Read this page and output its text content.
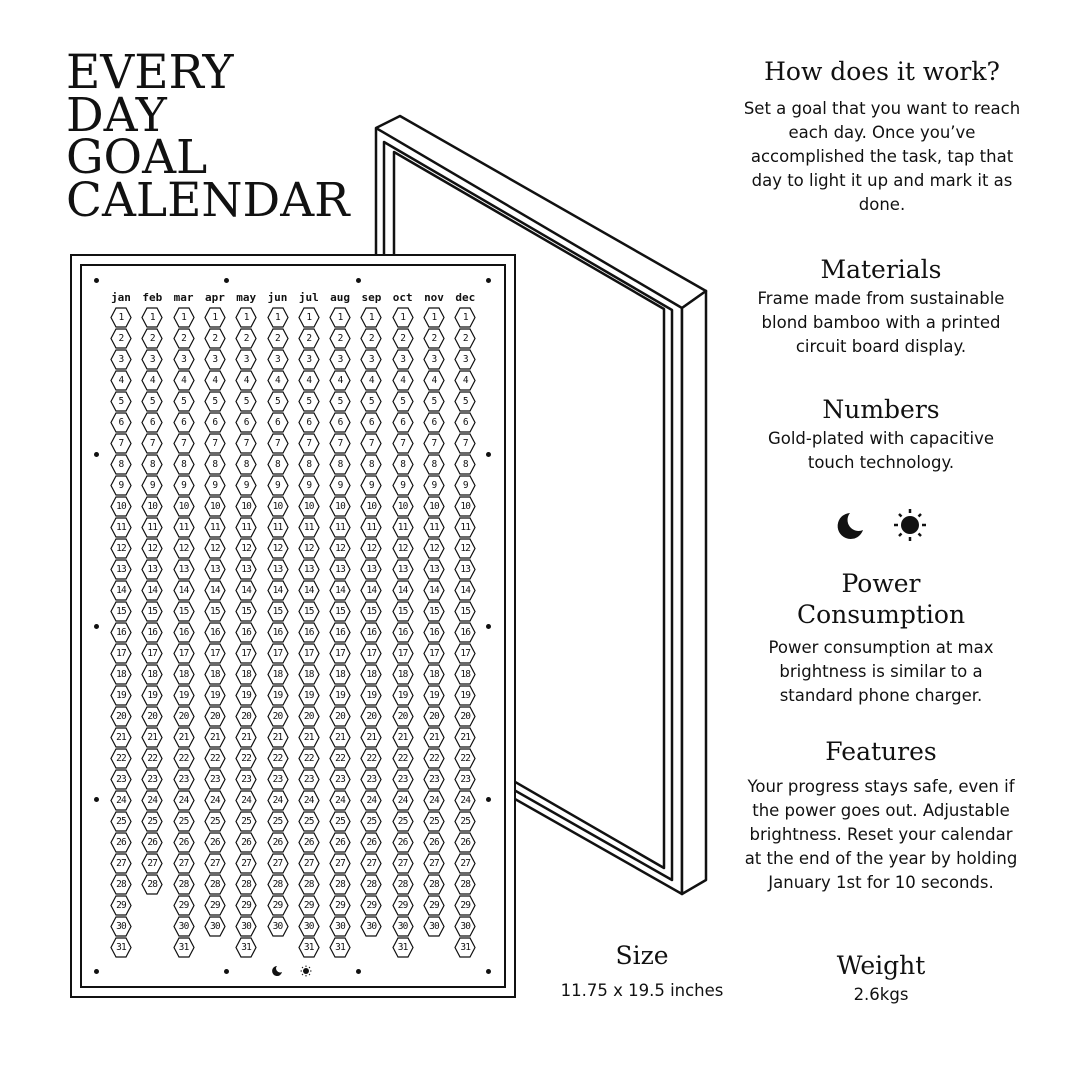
EVERY
DAY
GOAL
CALENDAR
jan
1
2
3
4
5
6
7
8
9
10
11
12
13
14
15
16
17
18
19
20
21
22
23
24
25
26
27
28
29
30
31
feb
1
2
3
4
5
6
7
8
9
10
11
12
13
14
15
16
17
18
19
20
21
22
23
24
25
26
27
28
mar
1
2
3
4
5
6
7
8
9
10
11
12
13
14
15
16
17
18
19
20
21
22
23
24
25
26
27
28
29
30
31
apr
1
2
3
4
5
6
7
8
9
10
11
12
13
14
15
16
17
18
19
20
21
22
23
24
25
26
27
28
29
30
may
1
2
3
4
5
6
7
8
9
10
11
12
13
14
15
16
17
18
19
20
21
22
23
24
25
26
27
28
29
30
31
jun
1
2
3
4
5
6
7
8
9
10
11
12
13
14
15
16
17
18
19
20
21
22
23
24
25
26
27
28
29
30
jul
1
2
3
4
5
6
7
8
9
10
11
12
13
14
15
16
17
18
19
20
21
22
23
24
25
26
27
28
29
30
31
aug
1
2
3
4
5
6
7
8
9
10
11
12
13
14
15
16
17
18
19
20
21
22
23
24
25
26
27
28
29
30
31
sep
1
2
3
4
5
6
7
8
9
10
11
12
13
14
15
16
17
18
19
20
21
22
23
24
25
26
27
28
29
30
oct
1
2
3
4
5
6
7
8
9
10
11
12
13
14
15
16
17
18
19
20
21
22
23
24
25
26
27
28
29
30
31
nov
1
2
3
4
5
6
7
8
9
10
11
12
13
14
15
16
17
18
19
20
21
22
23
24
25
26
27
28
29
30
dec
1
2
3
4
5
6
7
8
9
10
11
12
13
14
15
16
17
18
19
20
21
22
23
24
25
26
27
28
29
30
31
How does it work?

Set a goal that you want to reach each day. Once you’ve accomplished the task, tap that day to light it up and mark it as done.

Materials

Frame made from sustainable blond bamboo with a printed circuit board display.

Numbers

Gold-plated with capacitive touch technology.

Power
Consumption

Power consumption at max brightness is similar to a standard phone charger.

Features

Your progress stays safe, even if the power goes out. Adjustable brightness. Reset your calendar at the end of the year by holding January 1st for 10 seconds.

Size

11.75 x 19.5 inches

Weight

2.6kgs
